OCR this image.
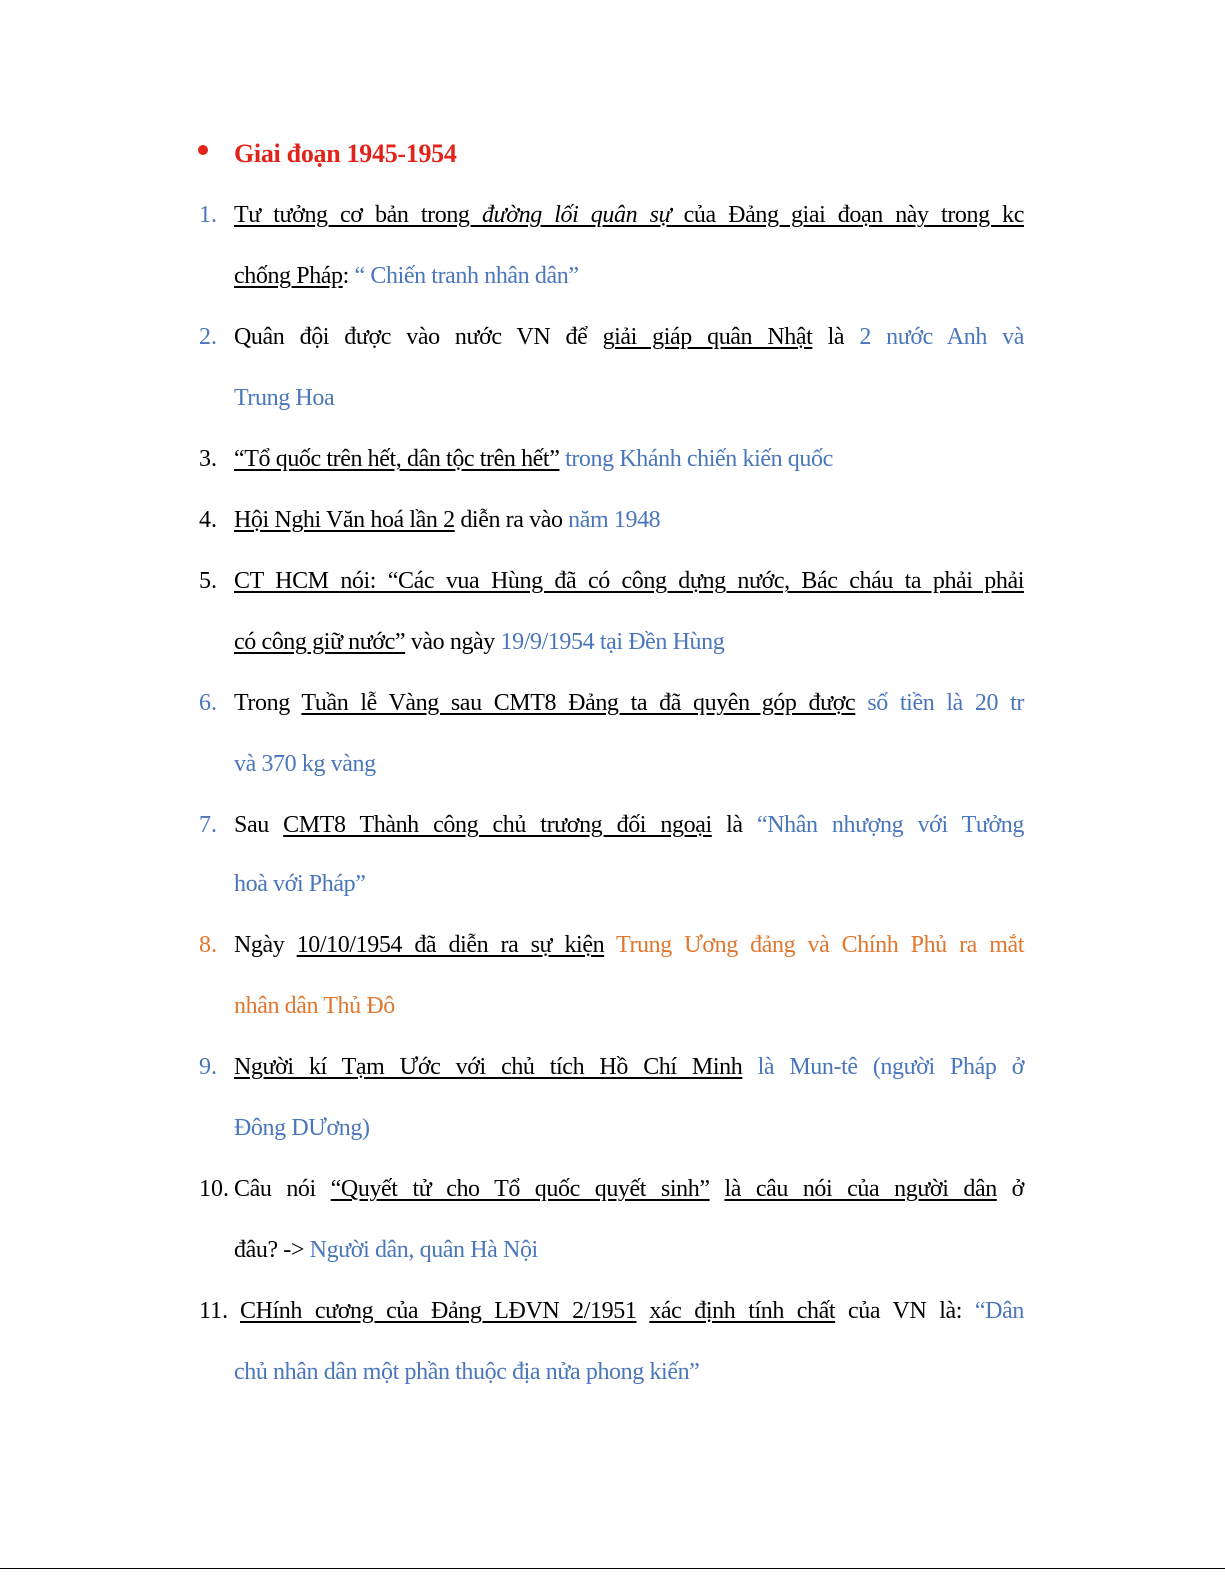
Giai đoạn 1945-1954
1. Tư tưởng cơ bản trong đường lối quân sự của Đảng giai đoạn này trong kc
chống Pháp: “ Chiến tranh nhân dân”
2. Quân đội được vào nước VN để giải giáp quân Nhật là 2 nước Anh và
Trung Hoa
3. “Tổ quốc trên hết, dân tộc trên hết” trong Khánh chiến kiến quốc
4. Hội Nghi Văn hoá lần 2 diễn ra vào năm 1948
5. CT HCM nói: “Các vua Hùng đã có công dựng nước, Bác cháu ta phải phải
có công giữ nước” vào ngày 19/9/1954 tại Đền Hùng
6. Trong Tuần lễ Vàng sau CMT8 Đảng ta đã quyên góp được số tiền là 20 tr
và 370 kg vàng
7. Sau CMT8 Thành công chủ trương đối ngoại là “Nhân nhượng với Tưởng
hoà với Pháp”
8. Ngày 10/10/1954 đã diễn ra sự kiện Trung Ương đảng và Chính Phủ ra mắt
nhân dân Thủ Đô
9. Người kí Tạm Ước với chủ tích Hồ Chí Minh là Mun-tê (người Pháp ở
Đông DƯơng)
10. Câu nói “Quyết tử cho Tổ quốc quyết sinh” là câu nói của người dân ở
đâu? -> Người dân, quân Hà Nội
11. CHính cương của Đảng LĐVN 2/1951 xác định tính chất của VN là: “Dân
chủ nhân dân một phần thuộc địa nửa phong kiến”
